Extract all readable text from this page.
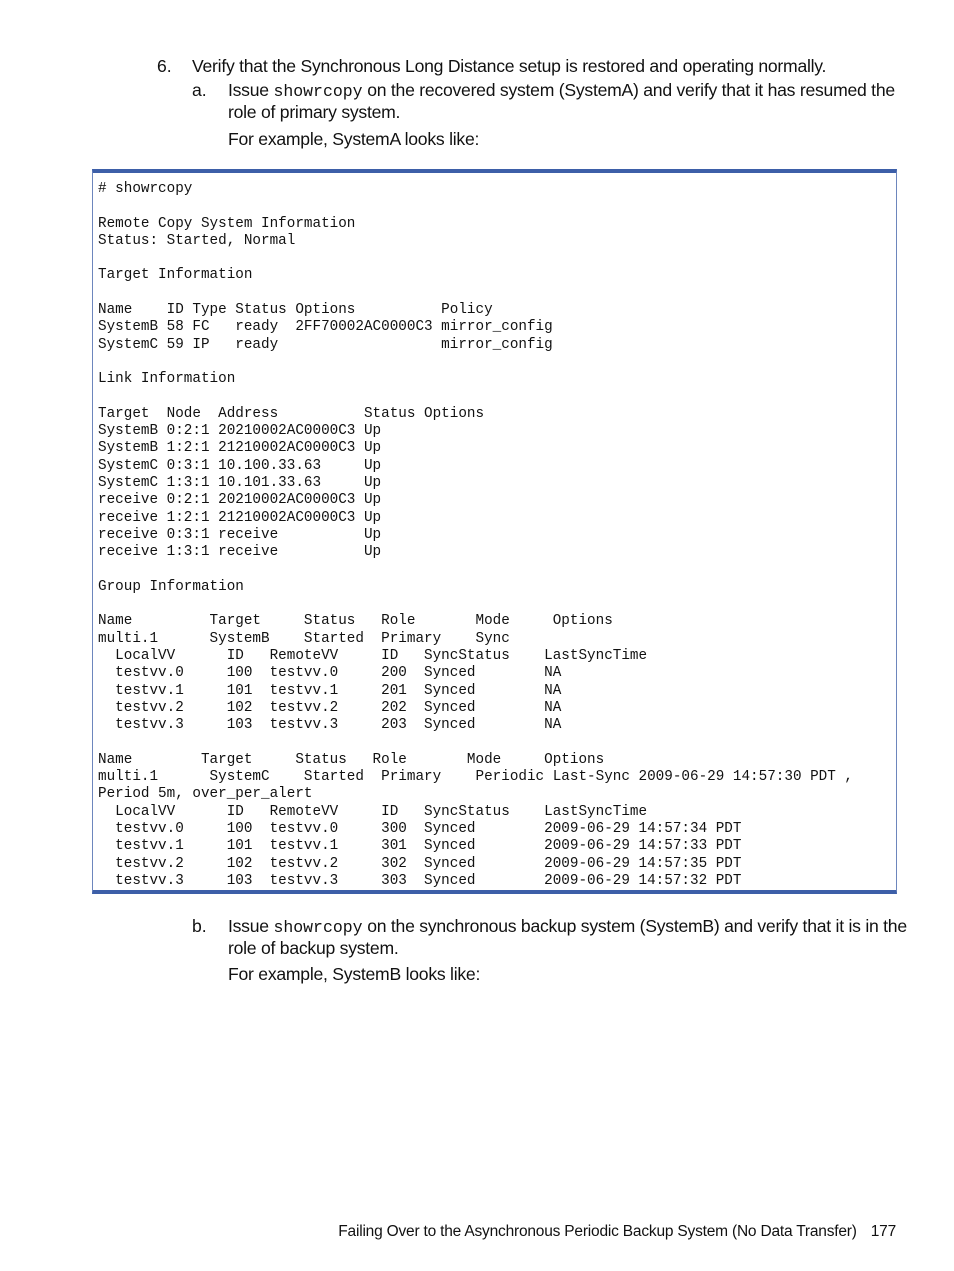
6. Verify that the Synchronous Long Distance setup is restored and operating normally.
a. Issue showrcopy on the recovered system (SystemA) and verify that it has resumed the
role of primary system.
For example, SystemA looks like:
# showrcopy

Remote Copy System Information
Status: Started, Normal

Target Information

Name    ID Type Status Options          Policy
SystemB 58 FC   ready  2FF70002AC0000C3 mirror_config
SystemC 59 IP   ready                   mirror_config

Link Information

Target  Node  Address          Status Options
SystemB 0:2:1 20210002AC0000C3 Up
SystemB 1:2:1 21210002AC0000C3 Up
SystemC 0:3:1 10.100.33.63     Up
SystemC 1:3:1 10.101.33.63     Up
receive 0:2:1 20210002AC0000C3 Up
receive 1:2:1 21210002AC0000C3 Up
receive 0:3:1 receive          Up
receive 1:3:1 receive          Up

Group Information

Name         Target     Status   Role       Mode     Options
multi.1      SystemB    Started  Primary    Sync
LocalVV      ID   RemoteVV     ID   SyncStatus    LastSyncTime
testvv.0     100  testvv.0     200  Synced        NA
testvv.1     101  testvv.1     201  Synced        NA
testvv.2     102  testvv.2     202  Synced        NA
testvv.3     103  testvv.3     203  Synced        NA

Name        Target     Status   Role       Mode     Options
multi.1      SystemC    Started  Primary    Periodic Last-Sync 2009-06-29 14:57:30 PDT ,
Period 5m, over_per_alert
LocalVV      ID   RemoteVV     ID   SyncStatus    LastSyncTime
testvv.0     100  testvv.0     300  Synced        2009-06-29 14:57:34 PDT
testvv.1     101  testvv.1     301  Synced        2009-06-29 14:57:33 PDT
testvv.2     102  testvv.2     302  Synced        2009-06-29 14:57:35 PDT
testvv.3     103  testvv.3     303  Synced        2009-06-29 14:57:32 PDT
b. Issue showrcopy on the synchronous backup system (SystemB) and verify that it is in the
role of backup system.
For example, SystemB looks like:
Failing Over to the Asynchronous Periodic Backup System (No Data Transfer) 177
